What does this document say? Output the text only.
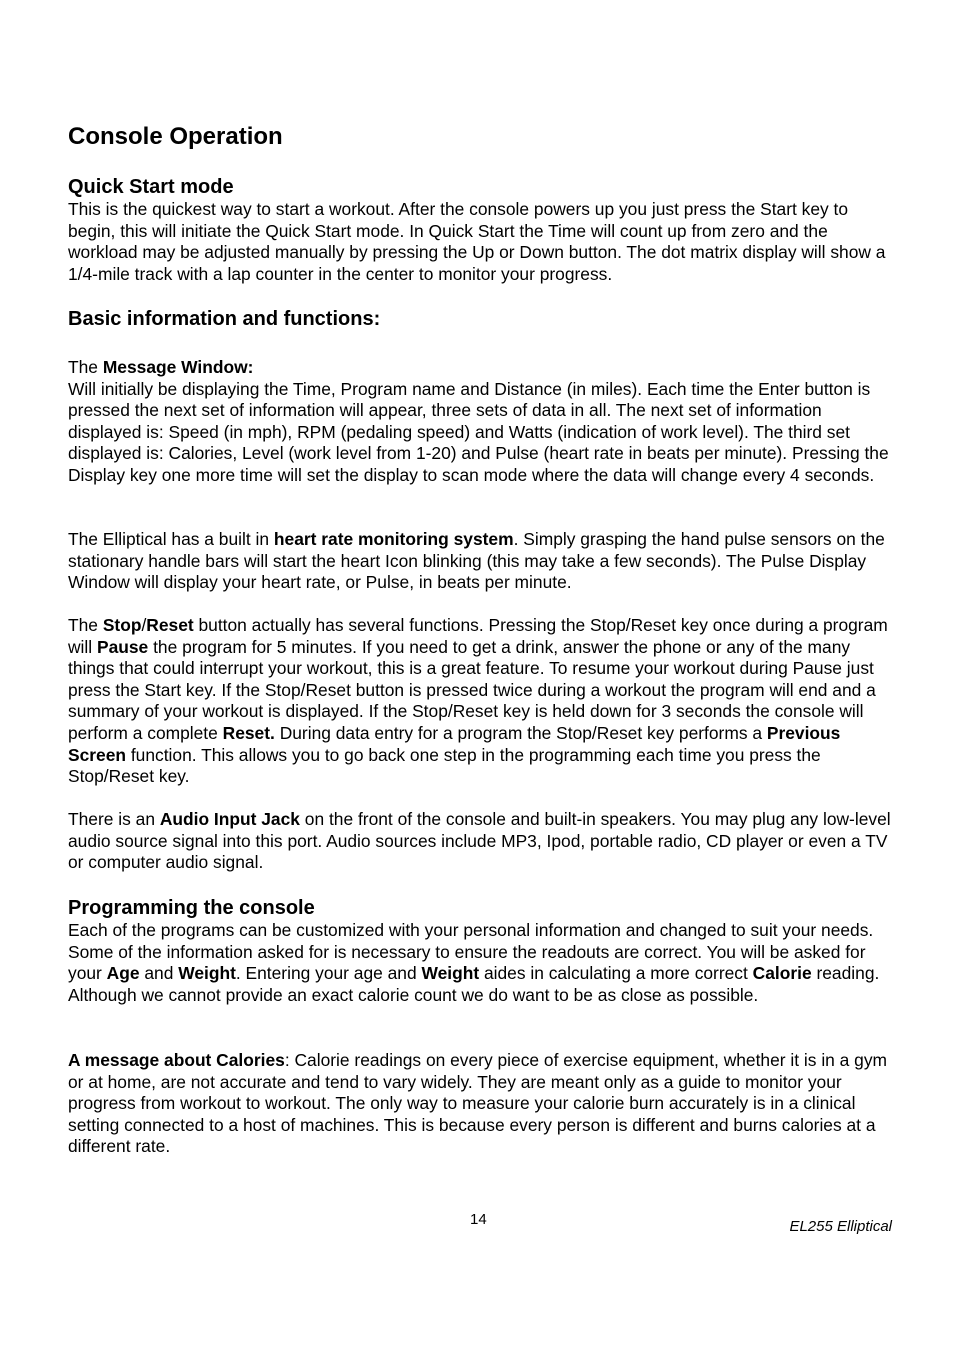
Console Operation
Quick Start mode

This is the quickest way to start a workout. After the console powers up you just press the Start key to begin, this will initiate the Quick Start mode. In Quick Start the Time will count up from zero and the workload may be adjusted manually by pressing the Up or Down button. The dot matrix display will show a 1/4-mile track with a lap counter in the center to monitor your progress.

Basic information and functions:

The Message Window:
Will initially be displaying the Time, Program name and Distance (in miles). Each time the Enter button is pressed the next set of information will appear, three sets of data in all. The next set of information displayed is: Speed (in mph), RPM (pedaling speed) and Watts (indication of work level). The third set displayed is: Calories, Level (work level from 1-20) and Pulse (heart rate in beats per minute). Pressing the Display key one more time will set the display to scan mode where the data will change every 4 seconds.

The Elliptical has a built in heart rate monitoring system. Simply grasping the hand pulse sensors on the stationary handle bars will start the heart Icon blinking (this may take a few seconds). The Pulse Display Window will display your heart rate, or Pulse, in beats per minute.

The Stop/Reset button actually has several functions. Pressing the Stop/Reset key once during a program will Pause the program for 5 minutes. If you need to get a drink, answer the phone or any of the many things that could interrupt your workout, this is a great feature. To resume your workout during Pause just press the Start key. If the Stop/Reset button is pressed twice during a workout the program will end and a summary of your workout is displayed. If the Stop/Reset key is held down for 3 seconds the console will perform a complete Reset. During data entry for a program the Stop/Reset key performs a Previous Screen function. This allows you to go back one step in the programming each time you press the Stop/Reset key.

There is an Audio Input Jack on the front of the console and built-in speakers. You may plug any low-level audio source signal into this port. Audio sources include MP3, Ipod, portable radio, CD player or even a TV or computer audio signal.

Programming the console

Each of the programs can be customized with your personal information and changed to suit your needs. Some of the information asked for is necessary to ensure the readouts are correct. You will be asked for your Age and Weight. Entering your age and Weight aides in calculating a more correct Calorie reading. Although we cannot provide an exact calorie count we do want to be as close as possible.

A message about Calories: Calorie readings on every piece of exercise equipment, whether it is in a gym or at home, are not accurate and tend to vary widely. They are meant only as a guide to monitor your progress from workout to workout. The only way to measure your calorie burn accurately is in a clinical setting connected to a host of machines. This is because every person is different and burns calories at a different rate.

14	EL255 Elliptical
